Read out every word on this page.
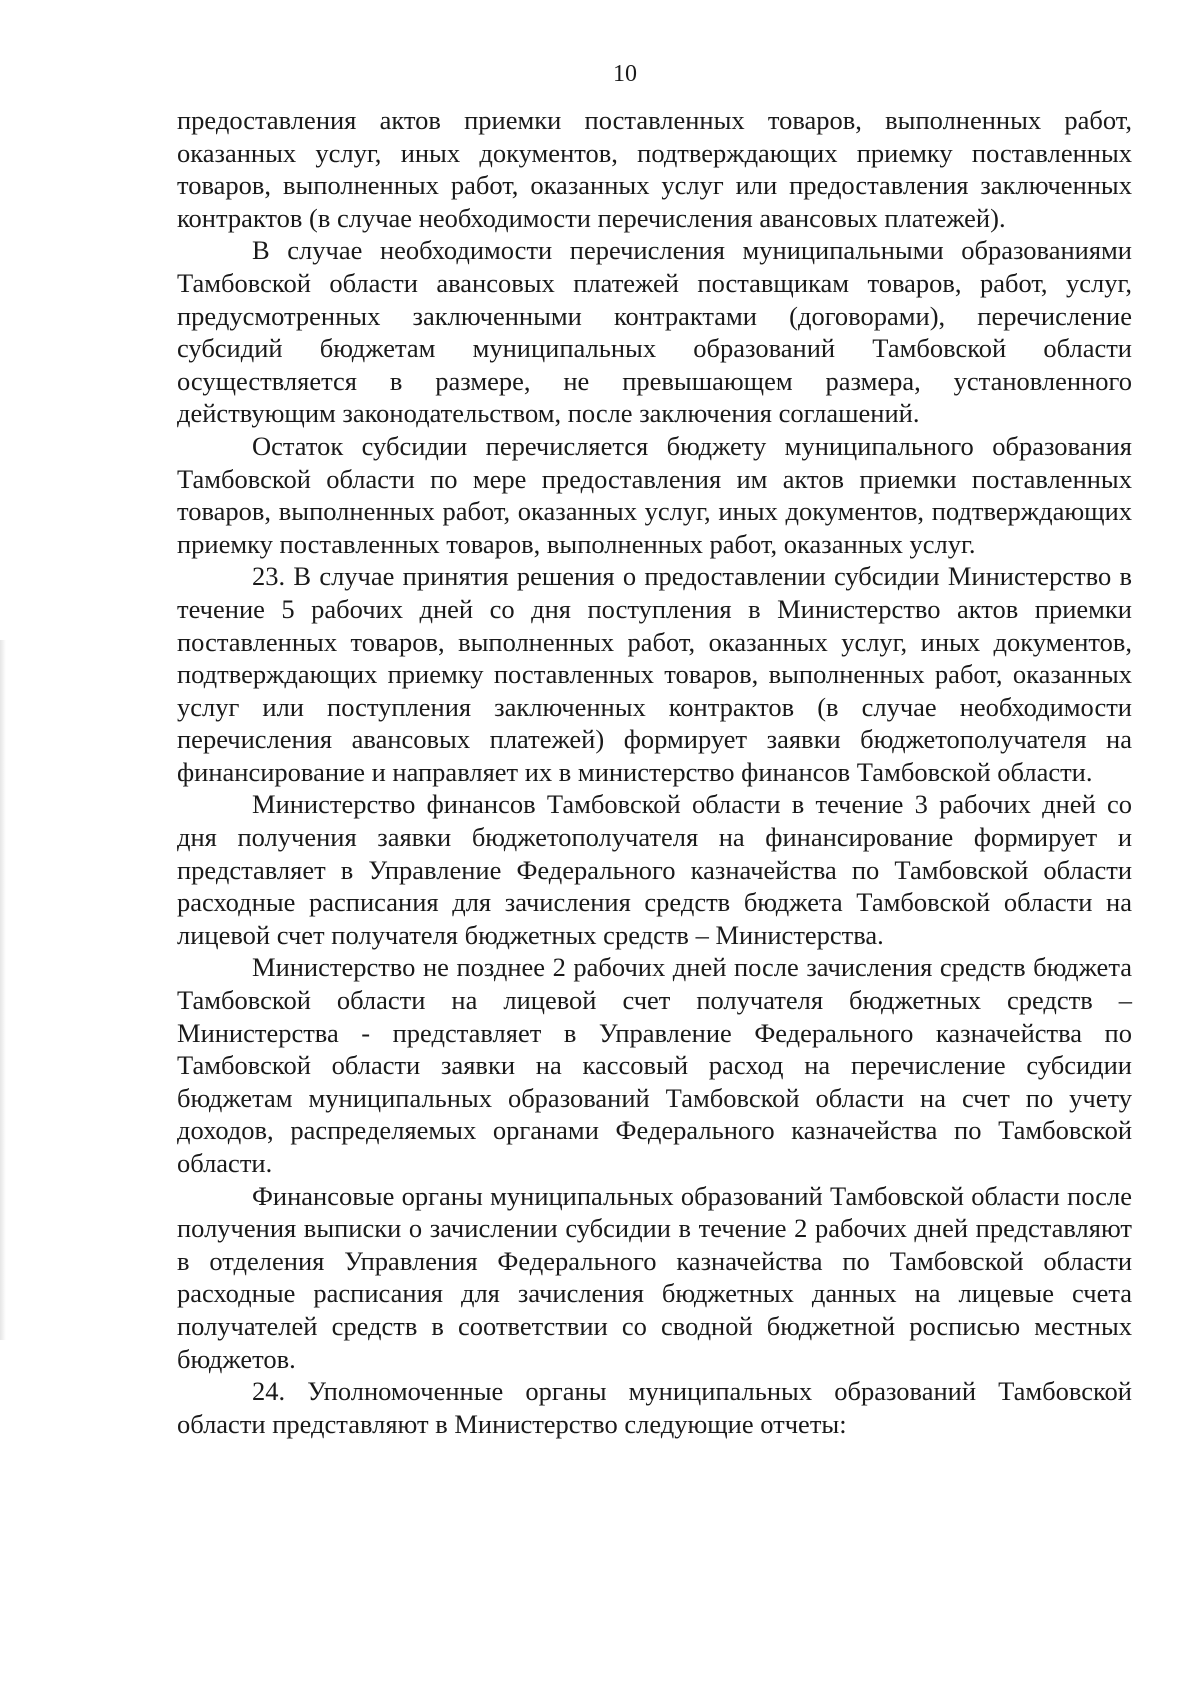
10

предоставления актов приемки поставленных товаров, выполненных работ, оказанных услуг, иных документов, подтверждающих приемку поставленных товаров, выполненных работ, оказанных услуг или предоставления заключенных контрактов (в случае необходимости перечисления авансовых платежей).

В случае необходимости перечисления муниципальными образованиями Тамбовской области авансовых платежей поставщикам товаров, работ, услуг, предусмотренных заключенными контрактами (договорами), перечисление субсидий бюджетам муниципальных образований Тамбовской области осуществляется в размере, не превышающем размера, установленного действующим законодательством, после заключения соглашений.

Остаток субсидии перечисляется бюджету муниципального образования Тамбовской области по мере предоставления им актов приемки поставленных товаров, выполненных работ, оказанных услуг, иных документов, подтверждающих приемку поставленных товаров, выполненных работ, оказанных услуг.

23. В случае принятия решения о предоставлении субсидии Министерство в течение 5 рабочих дней со дня поступления в Министерство актов приемки поставленных товаров, выполненных работ, оказанных услуг, иных документов, подтверждающих приемку поставленных товаров, выполненных работ, оказанных услуг или поступления заключенных контрактов (в случае необходимости перечисления авансовых платежей) формирует заявки бюджетополучателя на финансирование и направляет их в министерство финансов Тамбовской области.

Министерство финансов Тамбовской области в течение 3 рабочих дней со дня получения заявки бюджетополучателя на финансирование формирует и представляет в Управление Федерального казначейства по Тамбовской области расходные расписания для зачисления средств бюджета Тамбовской области на лицевой счет получателя бюджетных средств – Министерства.

Министерство не позднее 2 рабочих дней после зачисления средств бюджета Тамбовской области на лицевой счет получателя бюджетных средств – Министерства - представляет в Управление Федерального казначейства по Тамбовской области заявки на кассовый расход на перечисление субсидии бюджетам муниципальных образований Тамбовской области на счет по учету доходов, распределяемых органами Федерального казначейства по Тамбовской области.

Финансовые органы муниципальных образований Тамбовской области после получения выписки о зачислении субсидии в течение 2 рабочих дней представляют в отделения Управления Федерального казначейства по Тамбовской области расходные расписания для зачисления бюджетных данных на лицевые счета получателей средств в соответствии со сводной бюджетной росписью местных бюджетов.

24. Уполномоченные органы муниципальных образований Тамбовской области представляют в Министерство следующие отчеты:
